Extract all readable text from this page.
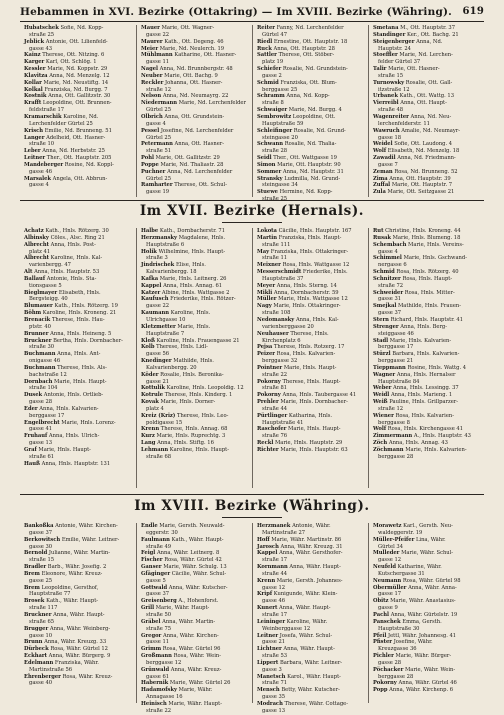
Hebammen in XVI. Bezirke (Ottakring) — Im XVIII. Bezirke (Währing). 619
Hubatschek Sofie, Nd. Kopp-
straße 25
Jeblick Antonie, Ott. Lilienfeld-
gasse 43
Kainz Therese, Ott. Nitzing. 6
Karger Karl, Ott. Schlög. 1
Kessler Marie, Nd. Koppstr. 29
Klavitza Anna, Nd. Menzelg. 12
Kollar Marie, Nd. Neustiftg. 14
Kolkal Franziska, Nd. Burgg. 7
Kostnik Anna, Ott. Gallitzstr. 30
Krafft Leopoldine, Ott. Brunnen-
feldstraße 17
Kramarschik Karoline, Nd.
Lerchenfelder Gürtel 25
Krisch Emilie, Nd. Brunneng. 51
Langer Adelheid, Ott. Hasner-
straße 10
Leber Anna, Nd. Herbststr. 25
Leitner Ther., Ott. Hauptstr. 205
Mandeberger Rosine, Nd. Koppl-
gasse 46
Marsalek Angela, Ott. Abbrun-
gasse 4
Mauer Marie, Ott. Wagner-
gasse 22
Maurer Kath., Ott. Degeng. 46
Meier Marie, Nd. Neulerch. 19
Mühlmann Katharine, Ott. Hasner-
gasse 11
Nagel Anna, Nd. Brunnbergstr. 48
Neuber Marie, Ott. Bachg. 9
Reckler Johanna, Ott. Hasner-
straße 12
Nelson Anna, Nd. Neumayrg. 22
Niedermann Marie, Nd. Lerchenfelder
Gürtel 25
Olbrich Anna, Ott. Grundstein-
gasse 4
Pessel Josefine, Nd. Lerchenfelder
Gürtel 25
Petermann Anna, Ott. Hasner-
straße 51
Pohl Marie, Ott. Gallitzstr. 29
Poppe Marie, Nd. Thaliastr. 28
Puchner Anna, Nd. Lerchenfelder
Gürtel 25
Ramharter Therese, Ott. Schul-
gasse 19
Reiter Fanny, Nd. Lerchenfelder
Gürtel 47
Riedl Ernestine, Ott. Hauptstr. 18
Ruck Anna, Ott. Hauptstr. 28
Sattler Therese, Ott. Stöber-
platz 19
Schiefer Rosalie, Nd. Grundstein-
gasse 2
Schmid Franziska, Ott. Blum-
berggasse 25
Schramm Anna, Nd. Kopp-
straße 8
Schwaiger Marie, Nd. Burgg. 4
Sembrowitz Leopoldine, Ott.
Hauptstraße 59
Schleifinger Rosalie, Nd. Grund-
steingasse 20
Schwann Rosalie, Nd. Thalia-
straße 28
Seidl Ther., Ott. Wattgasse 19
Simon Marie, Ott. Hauptstr. 90
Sommer Anna, Nd. Hauptstr. 31
Stransky Ludmilla, Nd. Grund-
steingasse 34
Stuewe Hermine, Nd. Kopp-
Smetana M., Ott. Hauptstr. 37
Standinger Ker., Ott. Bachg. 21
Steigenberger Anna, Nd.
Hauptstr. 24
Stoeffler Marie, Nd. Lerchen-
felder Gürtel 37
Talir Marie, Ott. Hasner-
straße 15
Turnowsky Rosalie, Ott. Gall-
itzstraße 12
Urbanek Kath., Ott. Wattg. 13
Vierreibl Anna, Ott. Haupt-
straße 48
Wagenreiter Anna, Nd. Neu-
lerchenfelderstr. 11
Wawruch Amalie, Nd. Neumayr-
gasse 18
Weidel Sofie, Ott. Laudong. 4
Wolf Elisabeth, Nd. Menzelg. 18
Zawadil Anna, Nd. Friedmann-
gasse 7
Zeman Rosa, Nd. Brunneng. 52
Zima Anna, Ott. Hauptstr. 39
Zuffal Marie, Ott. Hauptstr. 7
Zula Marie, Ott. Seitzgasse 21
Im XVII. Bezirke (Hernals).
Achatz Kath., Hnls. Rötzerg. 30
Albinsky Cöles., Alsc. Ring 21
Albrecht Anna, Hnls. Post-
platz 41
Albrecht Karoline, Hnls. Kal-
varienbergg. 47
Alt Anna, Hnls. Hauptstr. 53
Ballauf Antonie, Hnls. Sta-
tionsgasse 5
Bieglmayer Elisabeth, Hnls.
Bergsteigg. 40
Blumauer Kath., Hnls. Rötzerg. 19
Böhm Karoline, Hnls. Kroneng. 21
Brenacik Therese, Hnls. Hau-
ptstr. 40
Brunner Anna, Hnls. Heineng. 5
Bruckner Bertha, Hnls. Dornbacher-
straße 30
Buchmann Anna, Hnls. Ant-
onigasse 46
Buchmann Therese, Hnls. Als-
bachstraße 12
Dornbach Marie, Hnls. Haupt-
straße 104
Dusek Antonie, Hnls. Ortlieb-
gasse 28
Eder Anna, Hnls. Kalvarien-
berggasse 17
Engelbrecht Marie, Hnls. Lorenz-
gasse 41
Fruhauf Anna, Hnls. Ulrich-
gasse 13
Graf Marie, Hnls. Haupt-
straße 61
Hauß Anna, Hnls. Hauptstr. 131
Halbe Kath., Dornbacherstr. 71
Herzmansky Magdalene, Hnls.
Hauptstraße 6
Holik Wilhelmine, Hnls. Haupt-
straße 3
Jindrischek Elise, Hnls.
Kalvarienbergg. 18
Kafka Marie, Hnls. Leitnerg. 26
Kappel Anna, Hnls. Annag. 61
Katzer Albine, Hnls. Wattgasse 2
Kaufusch Friederike, Hnls. Rötzer-
gasse 22
Kaumann Karoline, Hnls.
Ulrichgasse 10
Kletzmetter Marie, Hnls.
Hauptstraße 7
Kloß Karoline, Hnls. Frauengasse 21
Kolb Therese, Hnls. Lidl-
gasse 56
Knedinger Mathilde, Hnls.
Kalvarienbergg. 20
Köder Rosalie, Hnls. Beronika-
gasse 21
Kottulik Karoline, Hnls. Leopoldig. 12
Kotrule Therese, Hnls. Kinderg. 1
Kovak Marie, Hnls. Dorner-
platz 4
Kreiz (Kriz) Therese, Hnls. Leo-
poldigasse 15
Krenn Therese, Hnls. Annag. 68
Kurz Marie, Hnls. Ruprechtg. 3
Lang Anna, Hnls. Stiftg. 16
Lehmann Karoline, Hnls. Haupt-
straße 68
Lokota Cäcilie, Hnls. Hauptstr. 167
Martin Franziska, Hnls. Haupt-
straße 111
May Franziska, Hnls. Ottakringer-
straße 11
Meixner Rosa, Hnls. Wattgasse 12
Messerschmidt Friederike, Hnls.
Hauptstraße 37
Meyer Anna, Hnls. Sterng. 14
Mikli Anna, Dornbacherstr. 59
Müller Marie, Hnls. Wattgasse 12
Nagy Marie, Hnls. Ottakringer-
straße 108
Nedomansky Anna, Hnls. Kal-
varienberggasse 20
Neuhauser Therese, Hnls.
Kirchenplatz 6
Pejsa Therese, Hnls. Rotzerg. 17
Peizer Rosa, Hnls. Kalvarien-
berggasse 32
Pointner Marie, Hnls. Haupt-
straße 22
Pokorny Therese, Hnls. Haupt-
straße 81
Pokorny Anna, Hnls. Taubergasse 41
Prehler Marie, Hnls. Dornbacher-
straße 44
Pürtlinger Katharina, Hnls.
Hauptstraße 41
Raschofer Marie, Hnls. Haupt-
straße 76
Reckl Marie, Hnls. Hauptstr. 29
Richter Marie, Hnls. Hauptstr. 63
Rut Christine, Hnls. Kroneng. 44
Rusak Marie, Hnls. Blumeng. 18
Schembach Marie, Hnls. Vereins-
gasse 4
Schimmel Marie, Hnls. Gschwand-
nergasse 6
Schmid Rosa, Hnls. Rötzerg. 40
Schnitzer Rosa, Hnls. Haupt-
straße 72
Schweider Rosa, Hnls. Mitter-
gasse 31
Smejkal Mathilde, Hnls. Frauen-
gasse 37
Stern Richard, Hnls. Hauptstr. 41
Strenger Anna, Hnls. Berg-
steiggasse 46
Stadl Marie, Hnls. Kalvarien-
berggasse 17
Stürzl Barbara, Hnls. Kalvarien-
berggasse 21
Tieppmann Rosine, Hnls. Wattg. 4
Wagner Anna, Hnls. Hernalser
Hauptstraße 84
Weber Anna, Hnls. Lessingg. 37
Weidl Anna, Hnls. Marieng. 1
Weiß Pauline, Hnls. Grillparzer-
straße 12
Wiener Rosa, Hnls. Kalvarien-
berggasse 8
Wolf Rosa, Hnls. Kirchengasse 41
Zimmermann A., Hnls. Hauptstr. 43
Zöch Anna, Hnls. Annag. 43
Zöchmann Marie, Hnls. Kalvarien-
berggasse 28
Im XVIII. Bezirke (Währing).
Bankoßka Antonie, Währ. Kirchen-
gasse 37
Berkowitsch Emilie, Währ. Leitner-
gasse 30
Bernold Julianne, Währ. Martin-
straße 15
Bradler Barb., Währ. Josefig. 2
Brem Eleonore, Währ. Kreuz-
gasse 25
Brem Leopoldine, Gersthof,
Hauptstraße 77
Brosek Kath., Währ. Haupt-
straße 117
Bruckner Anna, Währ. Haupt-
straße 65
Brugger Anna, Währ. Weinberg-
gasse 10
Brunn Anna, Währ. Kreuzg. 33
Dürbeck Rosa, Währ. Gürtel 12
Eckhart Anna, Währ. Bürgerg. 9
Edelmann Franziska, Währ.
Martinstraße 56
Ehrenberger Rosa, Währ. Kreuz-
gasse 40
Endle Marie, Gersth. Neuwald-
eggerstr. 30
Faulmann Kath., Währ. Haupt-
straße 49
Feigl Anna, Währ. Leitnerg. 8
Fischer Rosa, Währ. Gürtel 42
Ganser Marie, Währ. Schulg. 13
Gfäginger Cäcilie, Währ. Schul-
gasse 5
Gottwald Anna, Währ. Kutscher-
gasse 37
Greisenberg A., Hohenforst.
Grill Marie, Währ. Haupt-
straße 50
Gräbel Anna, Währ. Martin-
straße 75
Gregor Anna, Währ. Kirchen-
gasse 11
Grimm Rosa, Währ. Gürtel 96
Großmann Rosa, Währ. Wein-
berggasse 12
Grünwald Anna, Währ. Kreuz-
gasse 61
Habernik Marie, Währ. Gürtel 26
Hadamofsky Marie, Währ.
Annagasse 16
Heinisch Marie, Währ. Haupt-
straße 22
Herzmanek Antonie, Währ.
Martinstraße 27
Hoff Marie, Währ. Martinstr. 86
Jarosch Anna, Währ. Kreuzg. 31
Kappel Anna, Währ. Gersthofer-
straße 17
Kornmann Anna, Währ. Haupt-
straße 44
Krenn Marie, Gersth. Johannes-
gasse 12
Kripf Kunigunde, Währ. Klein-
gasse 46
Kunert Anna, Währ. Haupt-
straße 17
Leininger Karoline, Währ.
Weinberggasse 12
Leitner Josefa, Währ. Schul-
gasse 21
Lichtner Anna, Währ. Haupt-
straße 53
Lippert Barbara, Währ. Leitner-
gasse 3
Manetsch Karol., Währ. Haupt-
straße 71
Mensch Betty, Währ. Kutscher-
gasse 35
Modrach Therese, Währ. Cottage-
gasse 13
Morawetz Karl., Gersth. Neu-
waldeggerstr. 19
Müller-Pfeifer Lina, Währ.
Gürtel 34
Mulleder Marie, Währ. Schul-
gasse 12
Neufeld Katharine, Währ.
Kutschergasse 31
Neumann Rosa, Währ. Gürtel 98
Obermüller Anna, Währ. Anna-
gasse 17
Obitz Marie, Währ. Anastasius-
gasse 9
Pachl Anna, Währ. Gürtelstr. 19
Panschek Emma, Gersth.
Hauptstraße 30
Pfeil Jettl, Währ. Johannesg. 41
Pfister Josefine, Währ.
Kreuzgasse 36
Pichler Marie, Währ. Bürger-
gasse 28
Pöchacker Marie, Währ. Wein-
berggasse 28
Pokorny Anna, Währ. Gürtel 46
Popp Anna, Währ. Kirchenp. 6
